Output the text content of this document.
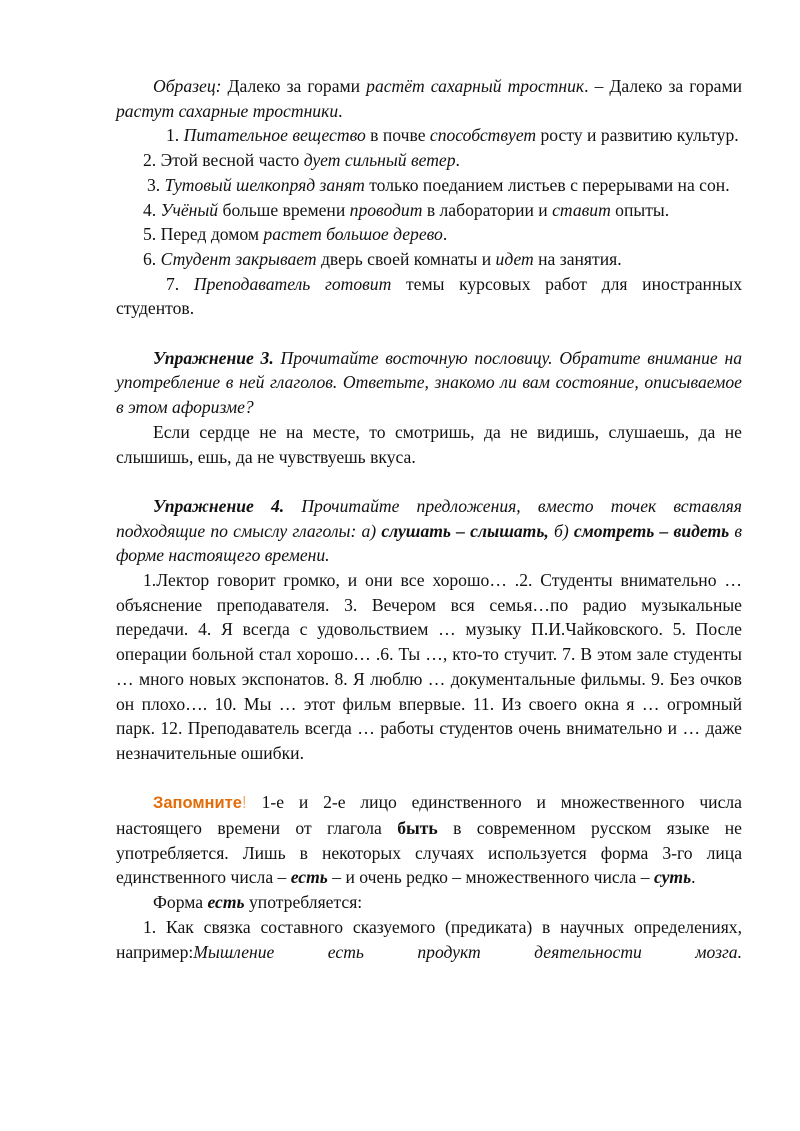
Образец: Далеко за горами растёт сахарный тростник. – Далеко за горами растут сахарные тростники.

1. Питательное вещество в почве способствует росту и развитию культур.

2. Этой весной часто дует сильный ветер.

3. Тутовый шелкопряд занят только поеданием листьев с перерывами на сон.

4. Учёный больше времени проводит в лаборатории и ставит опыты.

5. Перед домом растет большое дерево.

6. Студент закрывает дверь своей комнаты и идет на занятия.

7. Преподаватель готовит темы курсовых работ для иностранных студентов.

Упражнение 3. Прочитайте восточную пословицу. Обратите внимание на употребление в ней глаголов. Ответьте, знакомо ли вам состояние, описываемое в этом афоризме?

Если сердце не на месте, то смотришь, да не видишь, слушаешь, да не слышишь, ешь, да не чувствуешь вкуса.

Упражнение 4. Прочитайте предложения, вместо точек вставляя подходящие по смыслу глаголы: а) слушать – слышать, б) смотреть – видеть в форме настоящего времени.

1.Лектор говорит громко, и они все хорошо… .2. Студенты внимательно … объяснение преподавателя. 3. Вечером вся семья…по радио музыкальные передачи. 4. Я всегда с удовольствием … музыку П.И.Чайковского. 5. После операции больной стал хорошо… .6. Ты …, кто-то стучит. 7. В этом зале студенты … много новых экспонатов. 8. Я люблю … документальные фильмы. 9. Без очков он плохо…. 10. Мы … этот фильм впервые. 11. Из своего окна я … огромный парк. 12. Преподаватель всегда … работы студентов очень внимательно и … даже незначительные ошибки.

Запомните! 1-е и 2-е лицо единственного и множественного числа настоящего времени от глагола быть в современном русском языке не употребляется. Лишь в некоторых случаях используется форма 3-го лица единственного числа – есть – и очень редко – множественного числа – суть.

Форма есть употребляется:

1. Как связка составного сказуемого (предиката) в научных определениях, например:Мышление есть продукт деятельности мозга.
